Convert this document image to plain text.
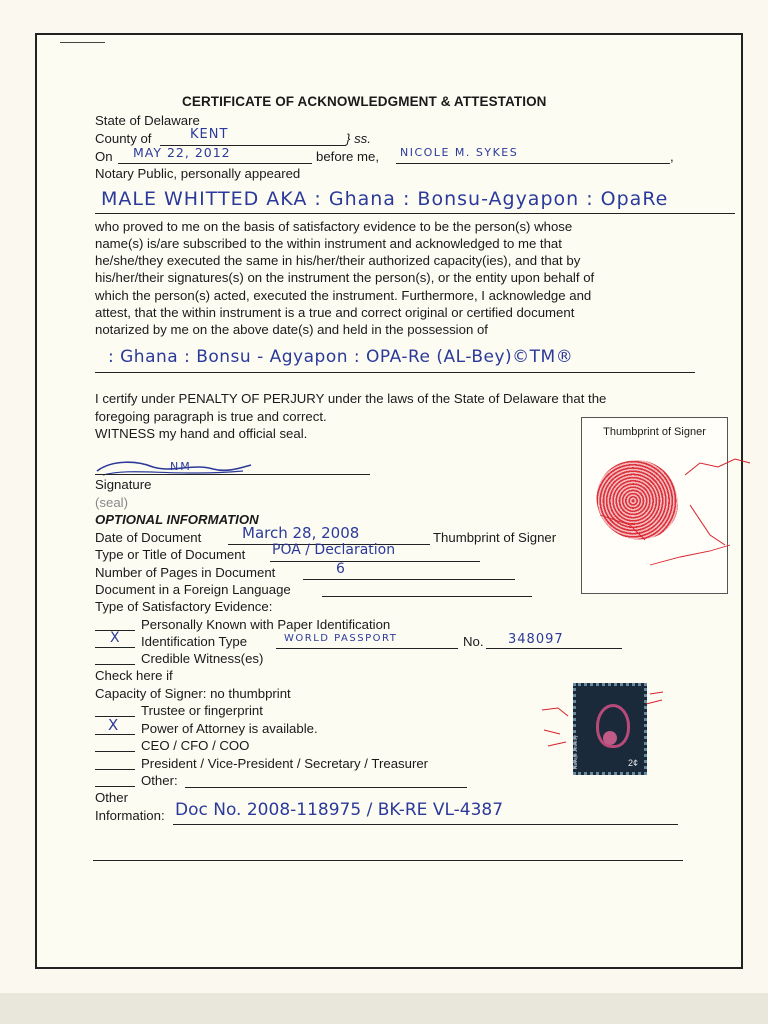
CERTIFICATE OF ACKNOWLEDGMENT & ATTESTATION
State of Delaware
County of	KENT	} ss.
On MAY 22, 2012	before me, NICOLE M. SYKES	,
Notary Public, personally appeared
MALE WHITTED AKA : Ghana : Bonsu-Agyapon : OpaRe
who proved to me on the basis of satisfactory evidence to be the person(s) whose
name(s) is/are subscribed to the within instrument and acknowledged to me that
he/she/they executed the same in his/her/their authorized capacity(ies), and that by
his/her/their signatures(s) on the instrument the person(s), or the entity upon behalf of
which the person(s) acted, executed the instrument. Furthermore, I acknowledge and
attest, that the within instrument is a true and correct original or certified document
notarized by me on the above date(s) and held in the possession of
: Ghana : Bonsu - Agyapon : OPA-Re (AL-Bey)©TM®
I certify under PENALTY OF PERJURY under the laws of the State of Delaware that the
foregoing paragraph is true and correct.
WITNESS my hand and official seal.
NM
Signature
(seal)
OPTIONAL INFORMATION
Date of Document	March 28, 2008	Thumbprint of Signer
Type or Title of Document POA / Declaration
Number of Pages in Document	6
Document in a Foreign Language
Type of Satisfactory Evidence:
Personally Known with Paper Identification
X Identification Type	WORLD PASSPORT	No. 348097
Credible Witness(es)
Check here if
Capacity of Signer: no thumbprint
Trustee or fingerprint
X Power of Attorney is available.
CEO / CFO / COO
President / Vice-President / Secretary / Treasurer
Other:
Other
Information: Doc No. 2008-118975 / BK-RE VL-4387
Thumbprint of Signer
2¢
Navajo Jewelry
